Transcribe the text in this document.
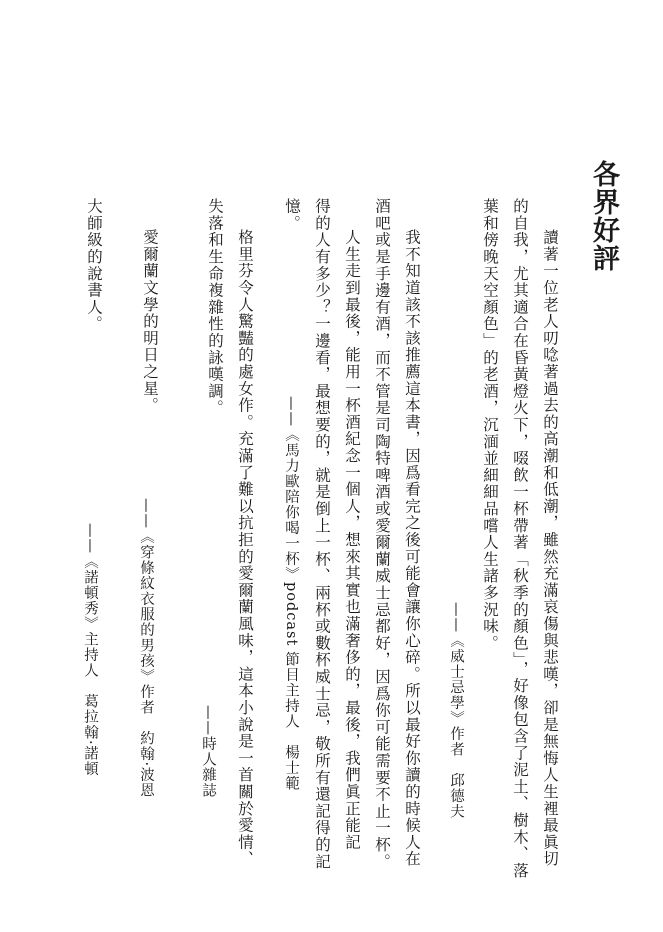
各界好評
讀著一位老人叨唸著過去的高潮和低潮，雖然充滿哀傷與悲嘆，卻是無悔人生裡最眞切
的自我，尤其適合在昏黃燈火下，啜飲一杯帶著「秋季的顏色」，好像包含了泥土、樹木、落
葉和傍晚天空顏色」的老酒，沉湎並細細品嚐人生諸多況味。
——《威士忌學》作者　邱德夫
我不知道該不該推薦這本書，因爲看完之後可能會讓你心碎。所以最好你讀的時候人在
酒吧或是手邊有酒，而不管是司陶特啤酒或愛爾蘭威士忌都好，因爲你可能需要不止一杯。
人生走到最後，能用一杯酒紀念一個人，想來其實也滿奢侈的，最後，我們眞正能記
得的人有多少？一邊看，最想要的，就是倒上一杯、兩杯或數杯威士忌，敬所有還記得的記
憶。
——《馬力歐陪你喝一杯》podcast 節目主持人　楊士範
格里芬令人驚豔的處女作。充滿了難以抗拒的愛爾蘭風味，這本小說是一首關於愛情、
失落和生命複雜性的詠嘆調。
——時人雜誌
愛爾蘭文學的明日之星。
——《穿條紋衣服的男孩》作者　約翰·波恩
大師級的說書人。
——《諾頓秀》主持人　葛拉翰·諾頓
